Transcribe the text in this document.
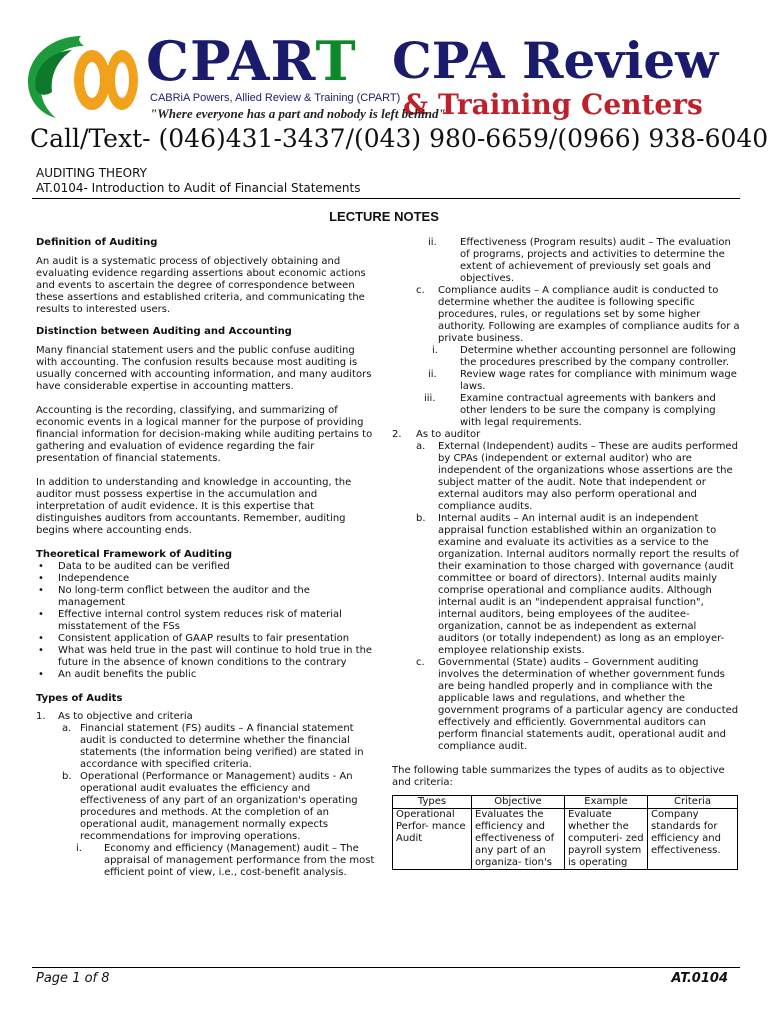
CPART CPA Review
& Training Centers
CABRiA Powers, Allied Review & Training (CPART)
"Where everyone has a part and nobody is left behind"
Call/Text- (046)431-3437/(043) 980-6659/(0966) 938-6040
AUDITING THEORY
AT.0104- Introduction to Audit of Financial Statements
LECTURE NOTES

Definition of Auditing

An audit is a systematic process of objectively obtaining and evaluating evidence regarding assertions about economic actions and events to ascertain the degree of correspondence between these assertions and established criteria, and communicating the results to interested users.

Distinction between Auditing and Accounting

Many financial statement users and the public confuse auditing with accounting. The confusion results because most auditing is usually concerned with accounting information, and many auditors have considerable expertise in accounting matters.

Accounting is the recording, classifying, and summarizing of economic events in a logical manner for the purpose of providing financial information for decision-making while auditing pertains to gathering and evaluation of evidence regarding the fair presentation of financial statements.

In addition to understanding and knowledge in accounting, the auditor must possess expertise in the accumulation and interpretation of audit evidence. It is this expertise that distinguishes auditors from accountants. Remember, auditing begins where accounting ends.

Theoretical Framework of Auditing

• Data to be audited can be verified
• Independence
• No long-term conflict between the auditor and the management
• Effective internal control system reduces risk of material misstatement of the FSs
• Consistent application of GAAP results to fair presentation
• What was held true in the past will continue to hold true in the future in the absence of known conditions to the contrary
• An audit benefits the public

Types of Audits

1. As to objective and criteria
a. Financial statement (FS) audits – A financial statement audit is conducted to determine whether the financial statements (the information being verified) are stated in accordance with specified criteria.
b. Operational (Performance or Management) audits - An operational audit evaluates the efficiency and effectiveness of any part of an organization's operating procedures and methods. At the completion of an operational audit, management normally expects recommendations for improving operations.
i. Economy and efficiency (Management) audit – The appraisal of management performance from the most efficient point of view, i.e., cost-benefit analysis.
ii. Effectiveness (Program results) audit – The evaluation of programs, projects and activities to determine the extent of achievement of previously set goals and objectives.
c. Compliance audits – A compliance audit is conducted to determine whether the auditee is following specific procedures, rules, or regulations set by some higher authority. Following are examples of compliance audits for a private business.
i. Determine whether accounting personnel are following the procedures prescribed by the company controller.
ii. Review wage rates for compliance with minimum wage laws.
iii. Examine contractual agreements with bankers and other lenders to be sure the company is complying with legal requirements.
2. As to auditor
a. External (Independent) audits – These are audits performed by CPAs (independent or external auditor) who are independent of the organizations whose assertions are the subject matter of the audit. Note that independent or external auditors may also perform operational and compliance audits.
b. Internal audits – An internal audit is an independent appraisal function established within an organization to examine and evaluate its activities as a service to the organization. Internal auditors normally report the results of their examination to those charged with governance (audit committee or board of directors). Internal audits mainly comprise operational and compliance audits. Although internal audit is an "independent appraisal function", internal auditors, being employees of the auditee-organization, cannot be as independent as external auditors (or totally independent) as long as an employer-employee relationship exists.
c. Governmental (State) audits – Government auditing involves the determination of whether government funds are being handled properly and in compliance with the applicable laws and regulations, and whether the government programs of a particular agency are conducted effectively and efficiently. Governmental auditors can perform financial statements audit, operational audit and compliance audit.

The following table summarizes the types of audits as to objective and criteria:

Types	Objective	Example	Criteria
Operational Perfor- mance Audit	Evaluates the efficiency and effectiveness of any part of an organiza- tion's	Evaluate whether the computeri- zed payroll system is operating	Company standards for efficiency and effectiveness.
Page 1 of 8	AT.0104
